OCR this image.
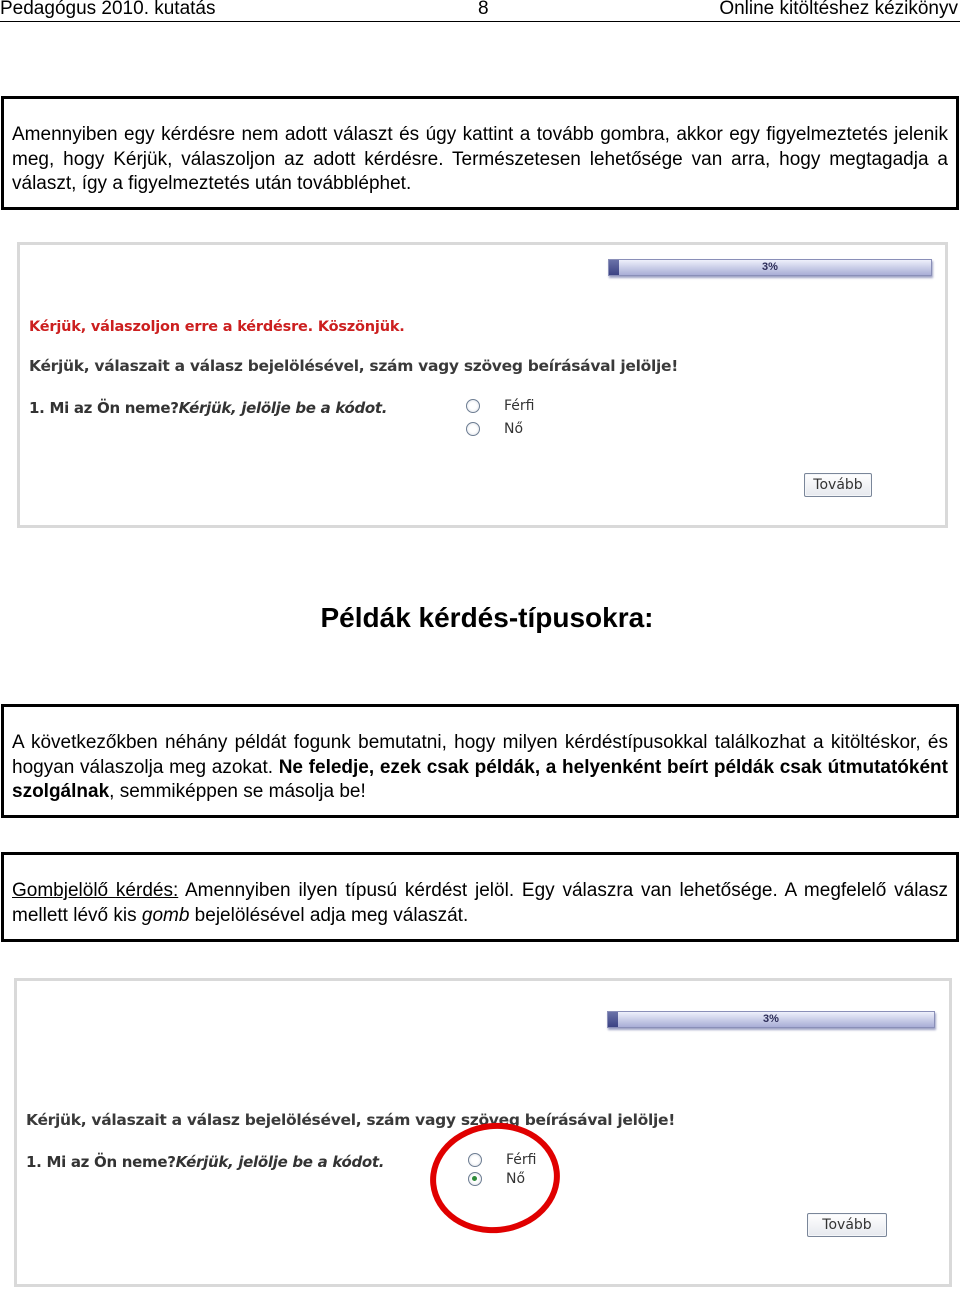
Pedagógus 2010. kutatás	8	Online kitöltéshez kézikönyv
Amennyiben egy kérdésre nem adott választ és úgy kattint a tovább gombra, akkor egy figyelmeztetés jelenik meg, hogy Kérjük, válaszoljon az adott kérdésre. Természetesen lehetősége van arra, hogy megtagadja a választ, így a figyelmeztetés után továbbléphet.
3%
Kérjük, válaszoljon erre a kérdésre. Köszönjük.
Kérjük, válaszait a válasz bejelölésével, szám vagy szöveg beírásával jelölje!
1. Mi az Ön neme?Kérjük, jelölje be a kódot.	Férfi
Nő
Tovább
Példák kérdés-típusokra:
A következőkben néhány példát fogunk bemutatni, hogy milyen kérdéstípusokkal találkozhat a kitöltéskor, és hogyan válaszolja meg azokat. Ne feledje, ezek csak példák, a helyenként beírt példák csak útmutatóként szolgálnak, semmiképpen se másolja be!
Gombjelölő kérdés: Amennyiben ilyen típusú kérdést jelöl. Egy válaszra van lehetősége. A megfelelő válasz mellett lévő kis gomb bejelölésével adja meg válaszát.
3%
Kérjük, válaszait a válasz bejelölésével, szám vagy szöveg beírásával jelölje!
1. Mi az Ön neme?Kérjük, jelölje be a kódot.	Férfi
Nő
Tovább
